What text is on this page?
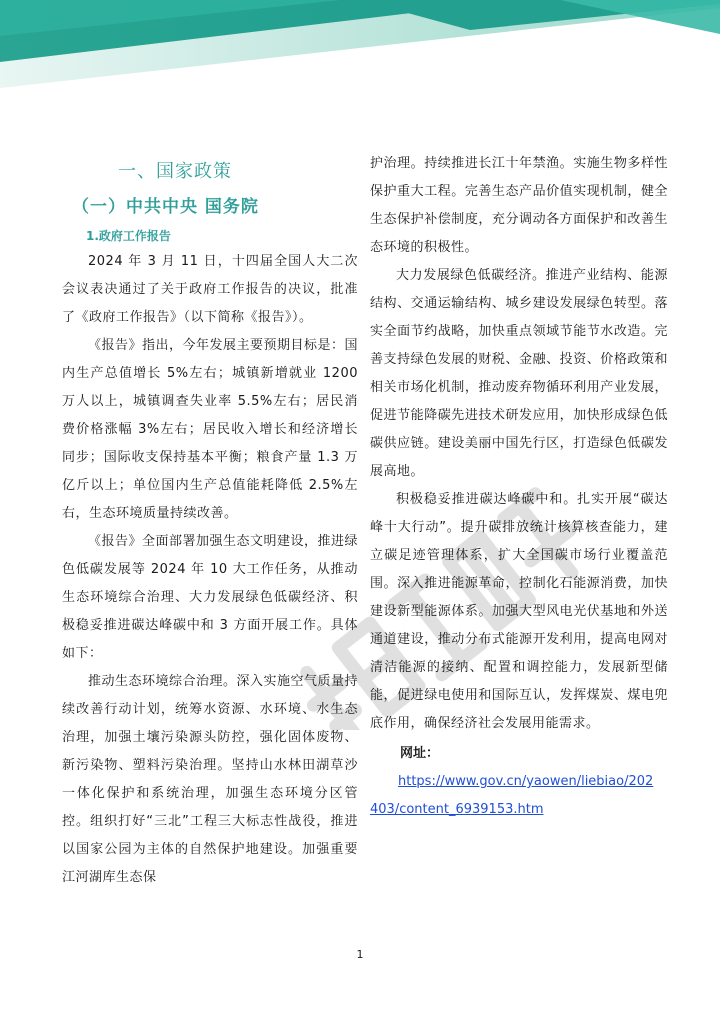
一、国家政策
（一）中共中央 国务院
1.政府工作报告

2024 年 3 月 11 日，十四届全国人大二次会议表决通过了关于政府工作报告的决议，批准了《政府工作报告》（以下简称《报告》）。

《报告》指出，今年发展主要预期目标是：国内生产总值增长 5%左右；城镇新增就业 1200 万人以上，城镇调查失业率 5.5%左右；居民消费价格涨幅 3%左右；居民收入增长和经济增长同步；国际收支保持基本平衡；粮食产量 1.3 万亿斤以上；单位国内生产总值能耗降低 2.5%左右，生态环境质量持续改善。

《报告》全面部署加强生态文明建设，推进绿色低碳发展等 2024 年 10 大工作任务，从推动生态环境综合治理、大力发展绿色低碳经济、积极稳妥推进碳达峰碳中和 3 方面开展工作。具体如下：

推动生态环境综合治理。深入实施空气质量持续改善行动计划，统筹水资源、水环境、水生态治理，加强土壤污染源头防控，强化固体废物、新污染物、塑料污染治理。坚持山水林田湖草沙一体化保护和系统治理，加强生态环境分区管控。组织打好“三北”工程三大标志性战役，推进以国家公园为主体的自然保护地建设。加强重要江河湖库生态保

护治理。持续推进长江十年禁渔。实施生物多样性保护重大工程。完善生态产品价值实现机制，健全生态保护补偿制度，充分调动各方面保护和改善生态环境的积极性。

大力发展绿色低碳经济。推进产业结构、能源结构、交通运输结构、城乡建设发展绿色转型。落实全面节约战略，加快重点领域节能节水改造。完善支持绿色发展的财税、金融、投资、价格政策和相关市场化机制，推动废弃物循环利用产业发展，促进节能降碳先进技术研发应用，加快形成绿色低碳供应链。建设美丽中国先行区，打造绿色低碳发展高地。

积极稳妥推进碳达峰碳中和。扎实开展“碳达峰十大行动”。提升碳排放统计核算核查能力，建立碳足迹管理体系，扩大全国碳市场行业覆盖范围。深入推进能源革命，控制化石能源消费，加快建设新型能源体系。加强大型风电光伏基地和外送通道建设，推动分布式能源开发利用，提高电网对清洁能源的接纳、配置和调控能力，发展新型储能，促进绿电使用和国际互认，发挥煤炭、煤电兜底作用，确保经济社会发展用能需求。

网址：
https://www.gov.cn/yaowen/liebiao/202
403/content_6939153.htm
1
